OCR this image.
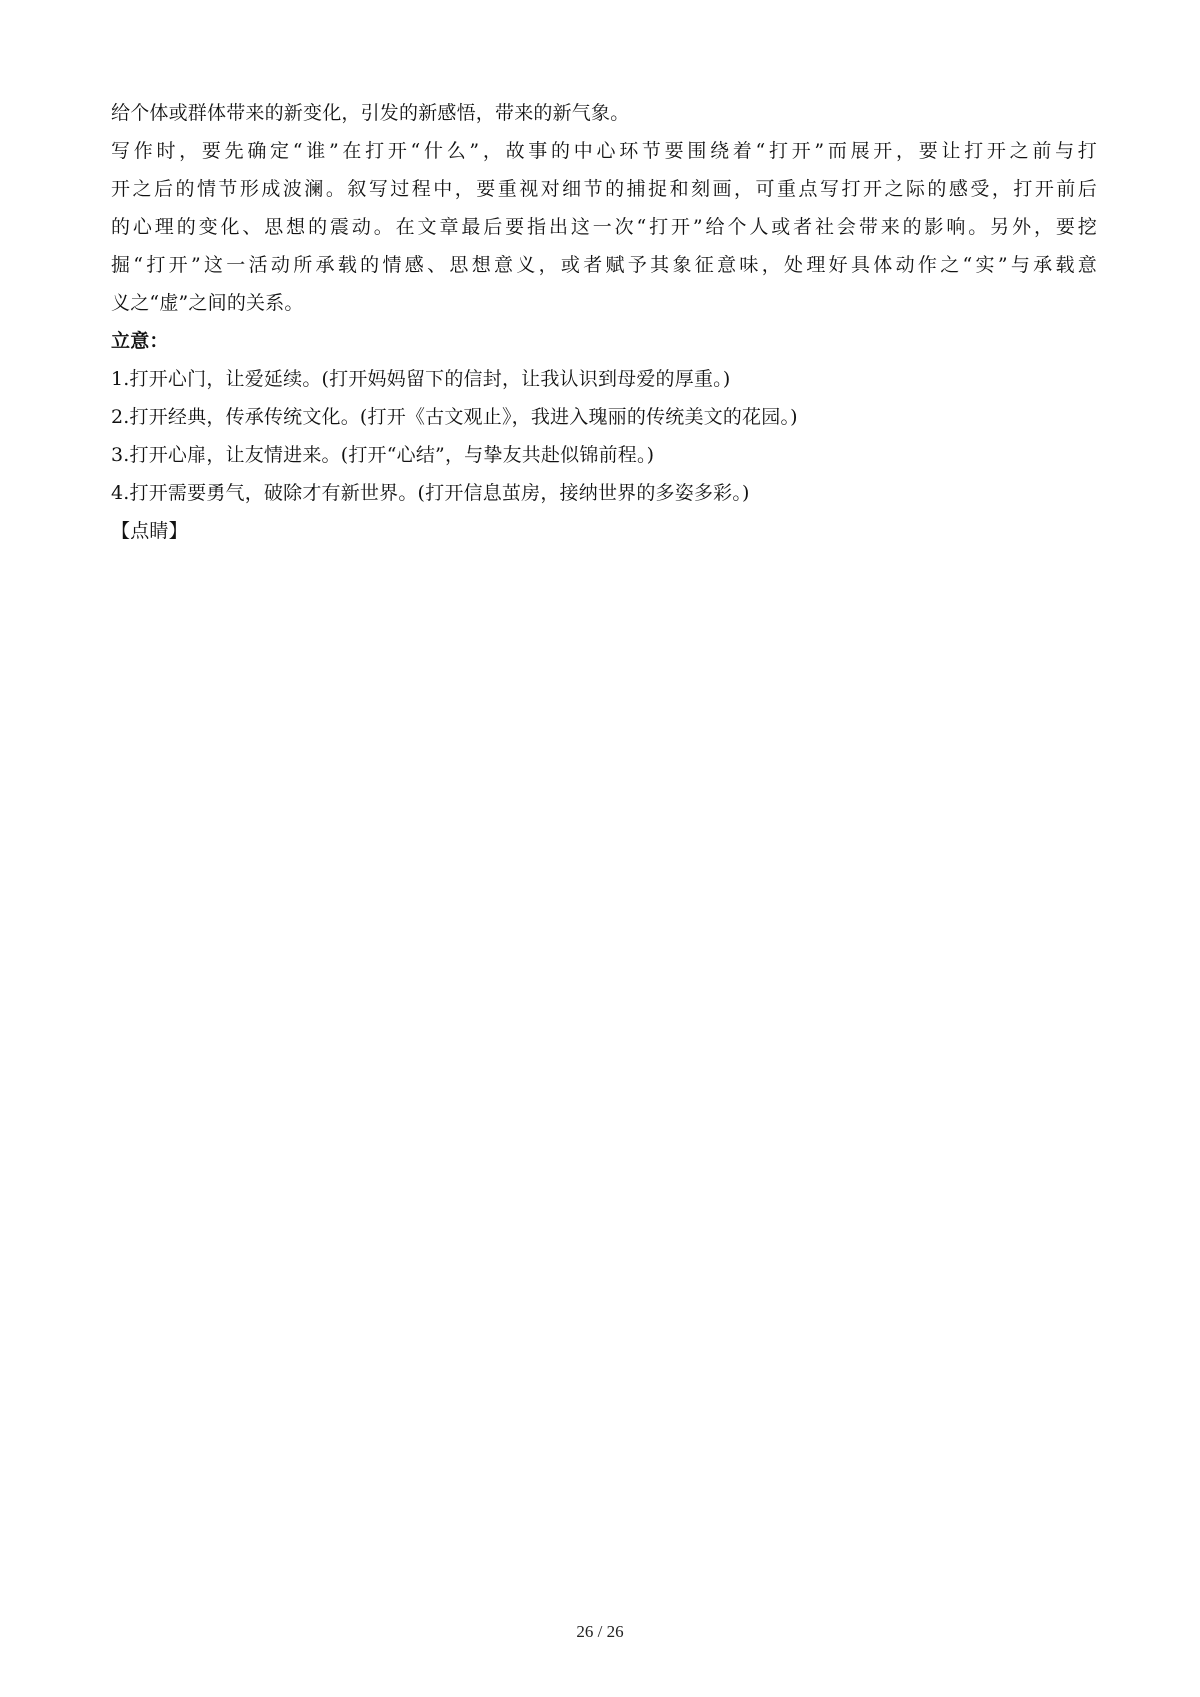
给个体或群体带来的新变化，引发的新感悟，带来的新气象。
写作时，要先确定“谁”在打开“什么”，故事的中心环节要围绕着“打开”而展开，要让打开之前与打
开之后的情节形成波澜。叙写过程中，要重视对细节的捕捉和刻画，可重点写打开之际的感受，打开前后
的心理的变化、思想的震动。在文章最后要指出这一次“打开”给个人或者社会带来的影响。另外，要挖
掘“打开”这一活动所承载的情感、思想意义，或者赋予其象征意味，处理好具体动作之“实”与承载意
义之“虚”之间的关系。
立意：
1.打开心门，让爱延续。(打开妈妈留下的信封，让我认识到母爱的厚重。)
2.打开经典，传承传统文化。(打开《古文观止》，我进入瑰丽的传统美文的花园。)
3.打开心扉，让友情进来。(打开“心结”，与挚友共赴似锦前程。)
4.打开需要勇气，破除才有新世界。(打开信息茧房，接纳世界的多姿多彩。)
【点睛】
26 / 26
